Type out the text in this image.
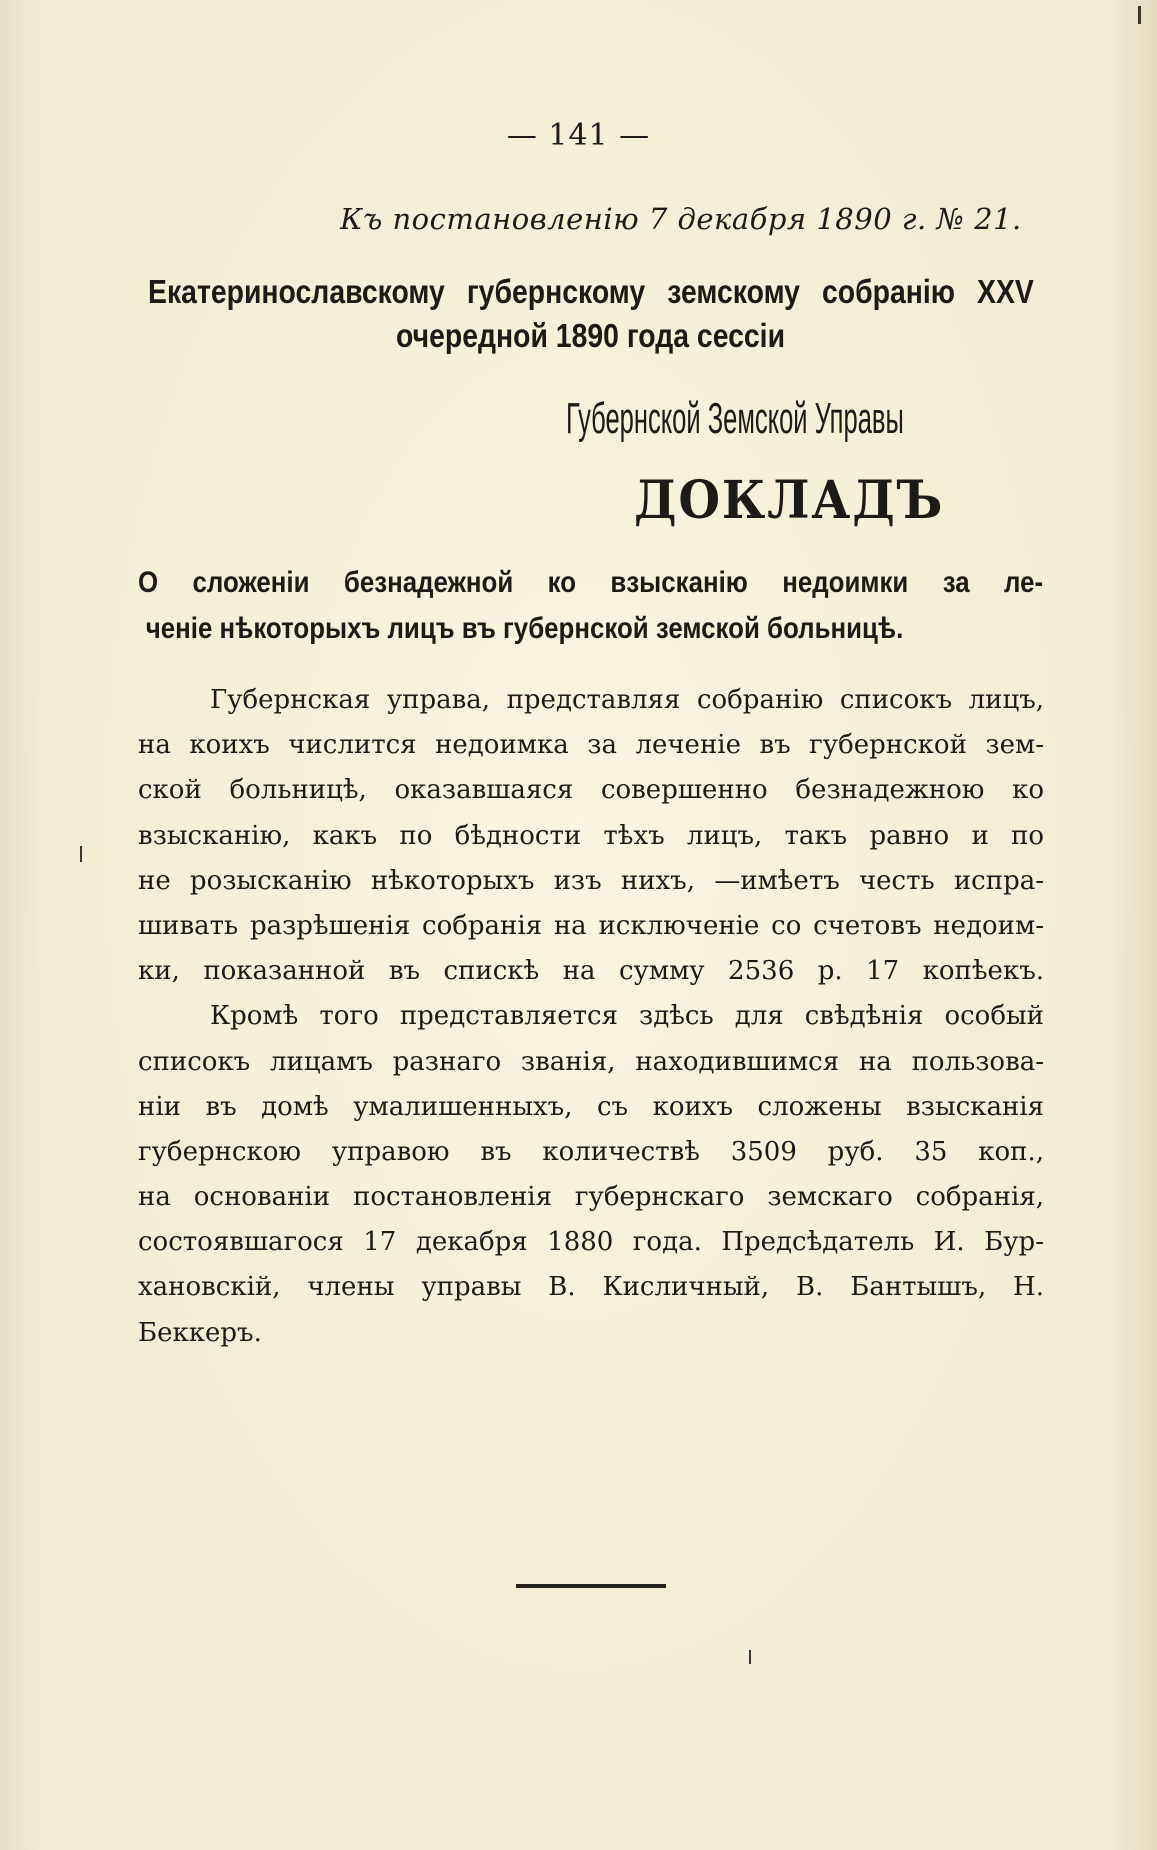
— 141 —
Къ постановленію 7 декабря 1890 г. № 21.
Екатеринославскому губернскому земскому собранію XXV
очередной 1890 года сессіи
Губернской Земской Управы
ДОКЛАДЪ
О сложеніи безнадежной ко взысканію недоимки за ле-
ченіе нѣкоторыхъ лицъ въ губернской земской больницѣ.
Губернская управа, представляя собранію списокъ лицъ,
на коихъ числится недоимка за леченіе въ губернской зем-
ской больницѣ, оказавшаяся совершенно безнадежною ко
взысканію, какъ по бѣдности тѣхъ лицъ, такъ равно и по
не розысканію нѣкоторыхъ изъ нихъ, —имѣетъ честь испра-
шивать разрѣшенія собранія на исключеніе со счетовъ недоим-
ки, показанной въ спискѣ на сумму 2536 р. 17 копѣекъ.
Кромѣ того представляется здѣсь для свѣдѣнія особый
списокъ лицамъ разнаго званія, находившимся на пользова-
ніи въ домѣ умалишенныхъ, съ коихъ сложены взысканія
губернскою управою въ количествѣ 3509 руб. 35 коп.,
на основаніи постановленія губернскаго земскаго собранія,
состоявшагося 17 декабря 1880 года. Предсѣдатель И. Бур-
хановскій, члены управы В. Кисличный, В. Бантышъ, Н.
Беккеръ.
